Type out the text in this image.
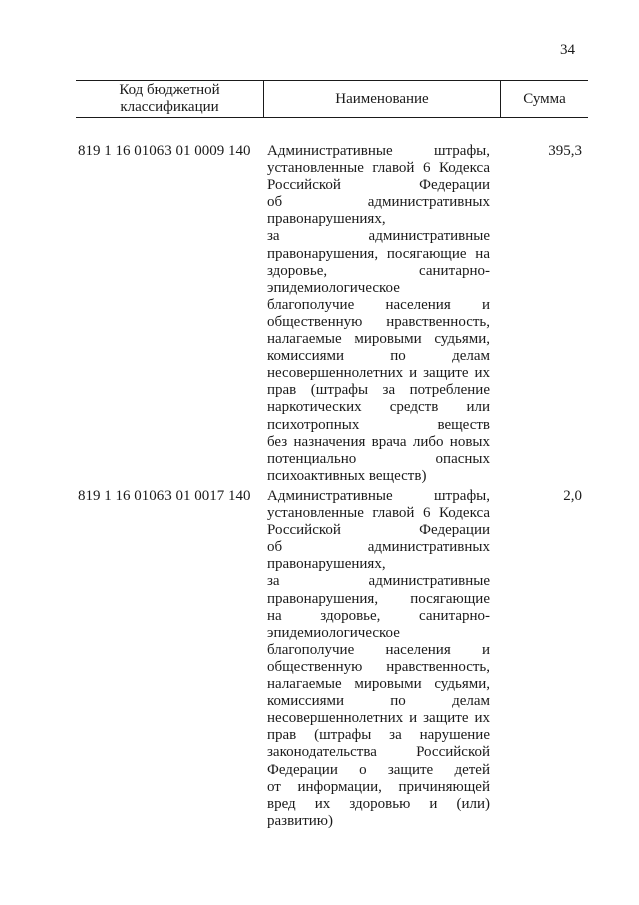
34
Код бюджетной классификации
Наименование	Сумма
819 1 16 01063 01 0009 140 Административные штрафы,
установленные главой 6 Кодекса
Российской Федерации
об административных
правонарушениях,
за административные
правонарушения, посягающие на
здоровье, санитарно-
эпидемиологическое
благополучие населения и
общественную нравственность,
налагаемые мировыми судьями,
комиссиями по делам
несовершеннолетних и защите их
прав (штрафы за потребление
наркотических средств или
психотропных веществ
без назначения врача либо новых
потенциально опасных
психоактивных веществ)
395,3
819 1 16 01063 01 0017 140 Административные штрафы,
установленные главой 6 Кодекса
Российской Федерации
об административных
правонарушениях,
за административные
правонарушения, посягающие
на здоровье, санитарно-
эпидемиологическое
благополучие населения и
общественную нравственность,
налагаемые мировыми судьями,
комиссиями по делам
несовершеннолетних и защите их
прав (штрафы за нарушение
законодательства Российской
Федерации о защите детей
от информации, причиняющей
вред их здоровью и (или)
развитию)
2,0
